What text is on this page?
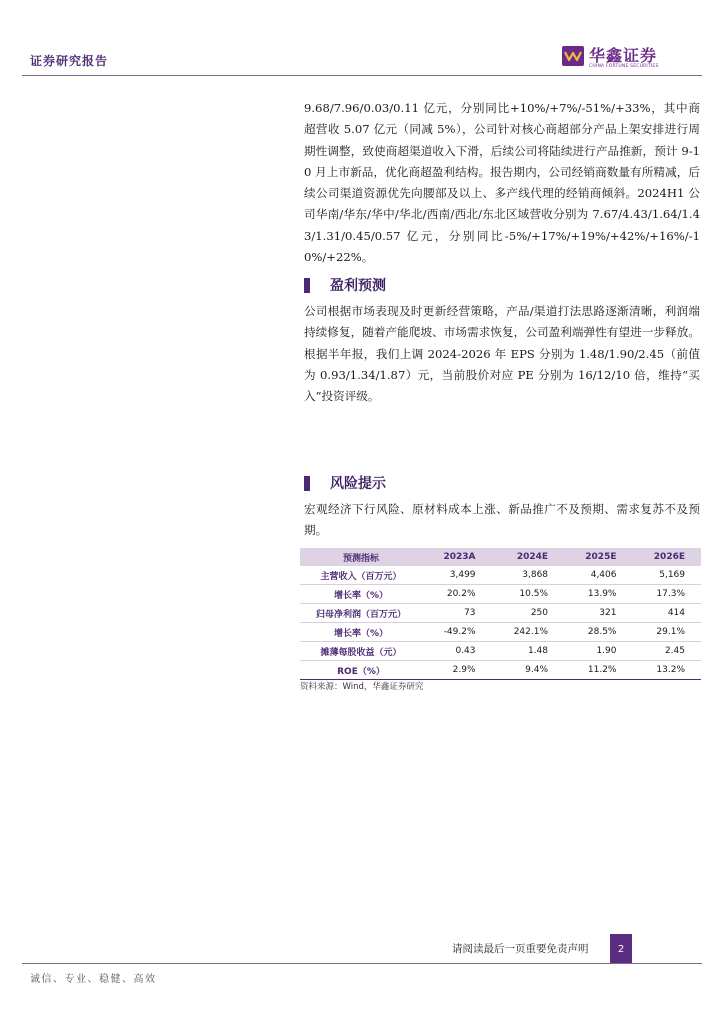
证券研究报告	华鑫证券
CHINA FORTUNE SECURITIES

9.68/7.96/0.03/0.11 亿元，分别同比+10%/+7%/-51%/+33%，其中商超营收 5.07 亿元（同减 5%），公司针对核心商超部分产品上架安排进行周期性调整，致使商超渠道收入下滑，后续公司将陆续进行产品推新，预计 9-10 月上市新品，优化商超盈利结构。报告期内，公司经销商数量有所精减，后续公司渠道资源优先向腰部及以上、多产线代理的经销商倾斜。2024H1 公司华南/华东/华中/华北/西南/西北/东北区域营收分别为 7.67/4.43/1.64/1.43/1.31/0.45/0.57 亿元，分别同比-5%/+17%/+19%/+42%/+16%/-10%/+22%。

盈利预测

公司根据市场表现及时更新经营策略，产品/渠道打法思路逐渐清晰，利润端持续修复，随着产能爬坡、市场需求恢复，公司盈利端弹性有望进一步释放。根据半年报，我们上调 2024-2026 年 EPS 分别为 1.48/1.90/2.45（前值为 0.93/1.34/1.87）元，当前股价对应 PE 分别为 16/12/10 倍，维持“买入”投资评级。

风险提示

宏观经济下行风险、原材料成本上涨、新品推广不及预期、需求复苏不及预期。

预测指标	2023A	2024E	2025E	2026E
主营收入（百万元）	3,499	3,868	4,406	5,169
增长率（%）	20.2%	10.5%	13.9%	17.3%
归母净利润（百万元）	73	250	321	414
增长率（%）	-49.2%	242.1%	28.5%	29.1%
摊薄每股收益（元）	0.43	1.48	1.90	2.45
ROE（%）	2.9%	9.4%	11.2%	13.2%
资料来源：Wind，华鑫证券研究
请阅读最后一页重要免责声明	2
诚信、专业、稳健、高效
